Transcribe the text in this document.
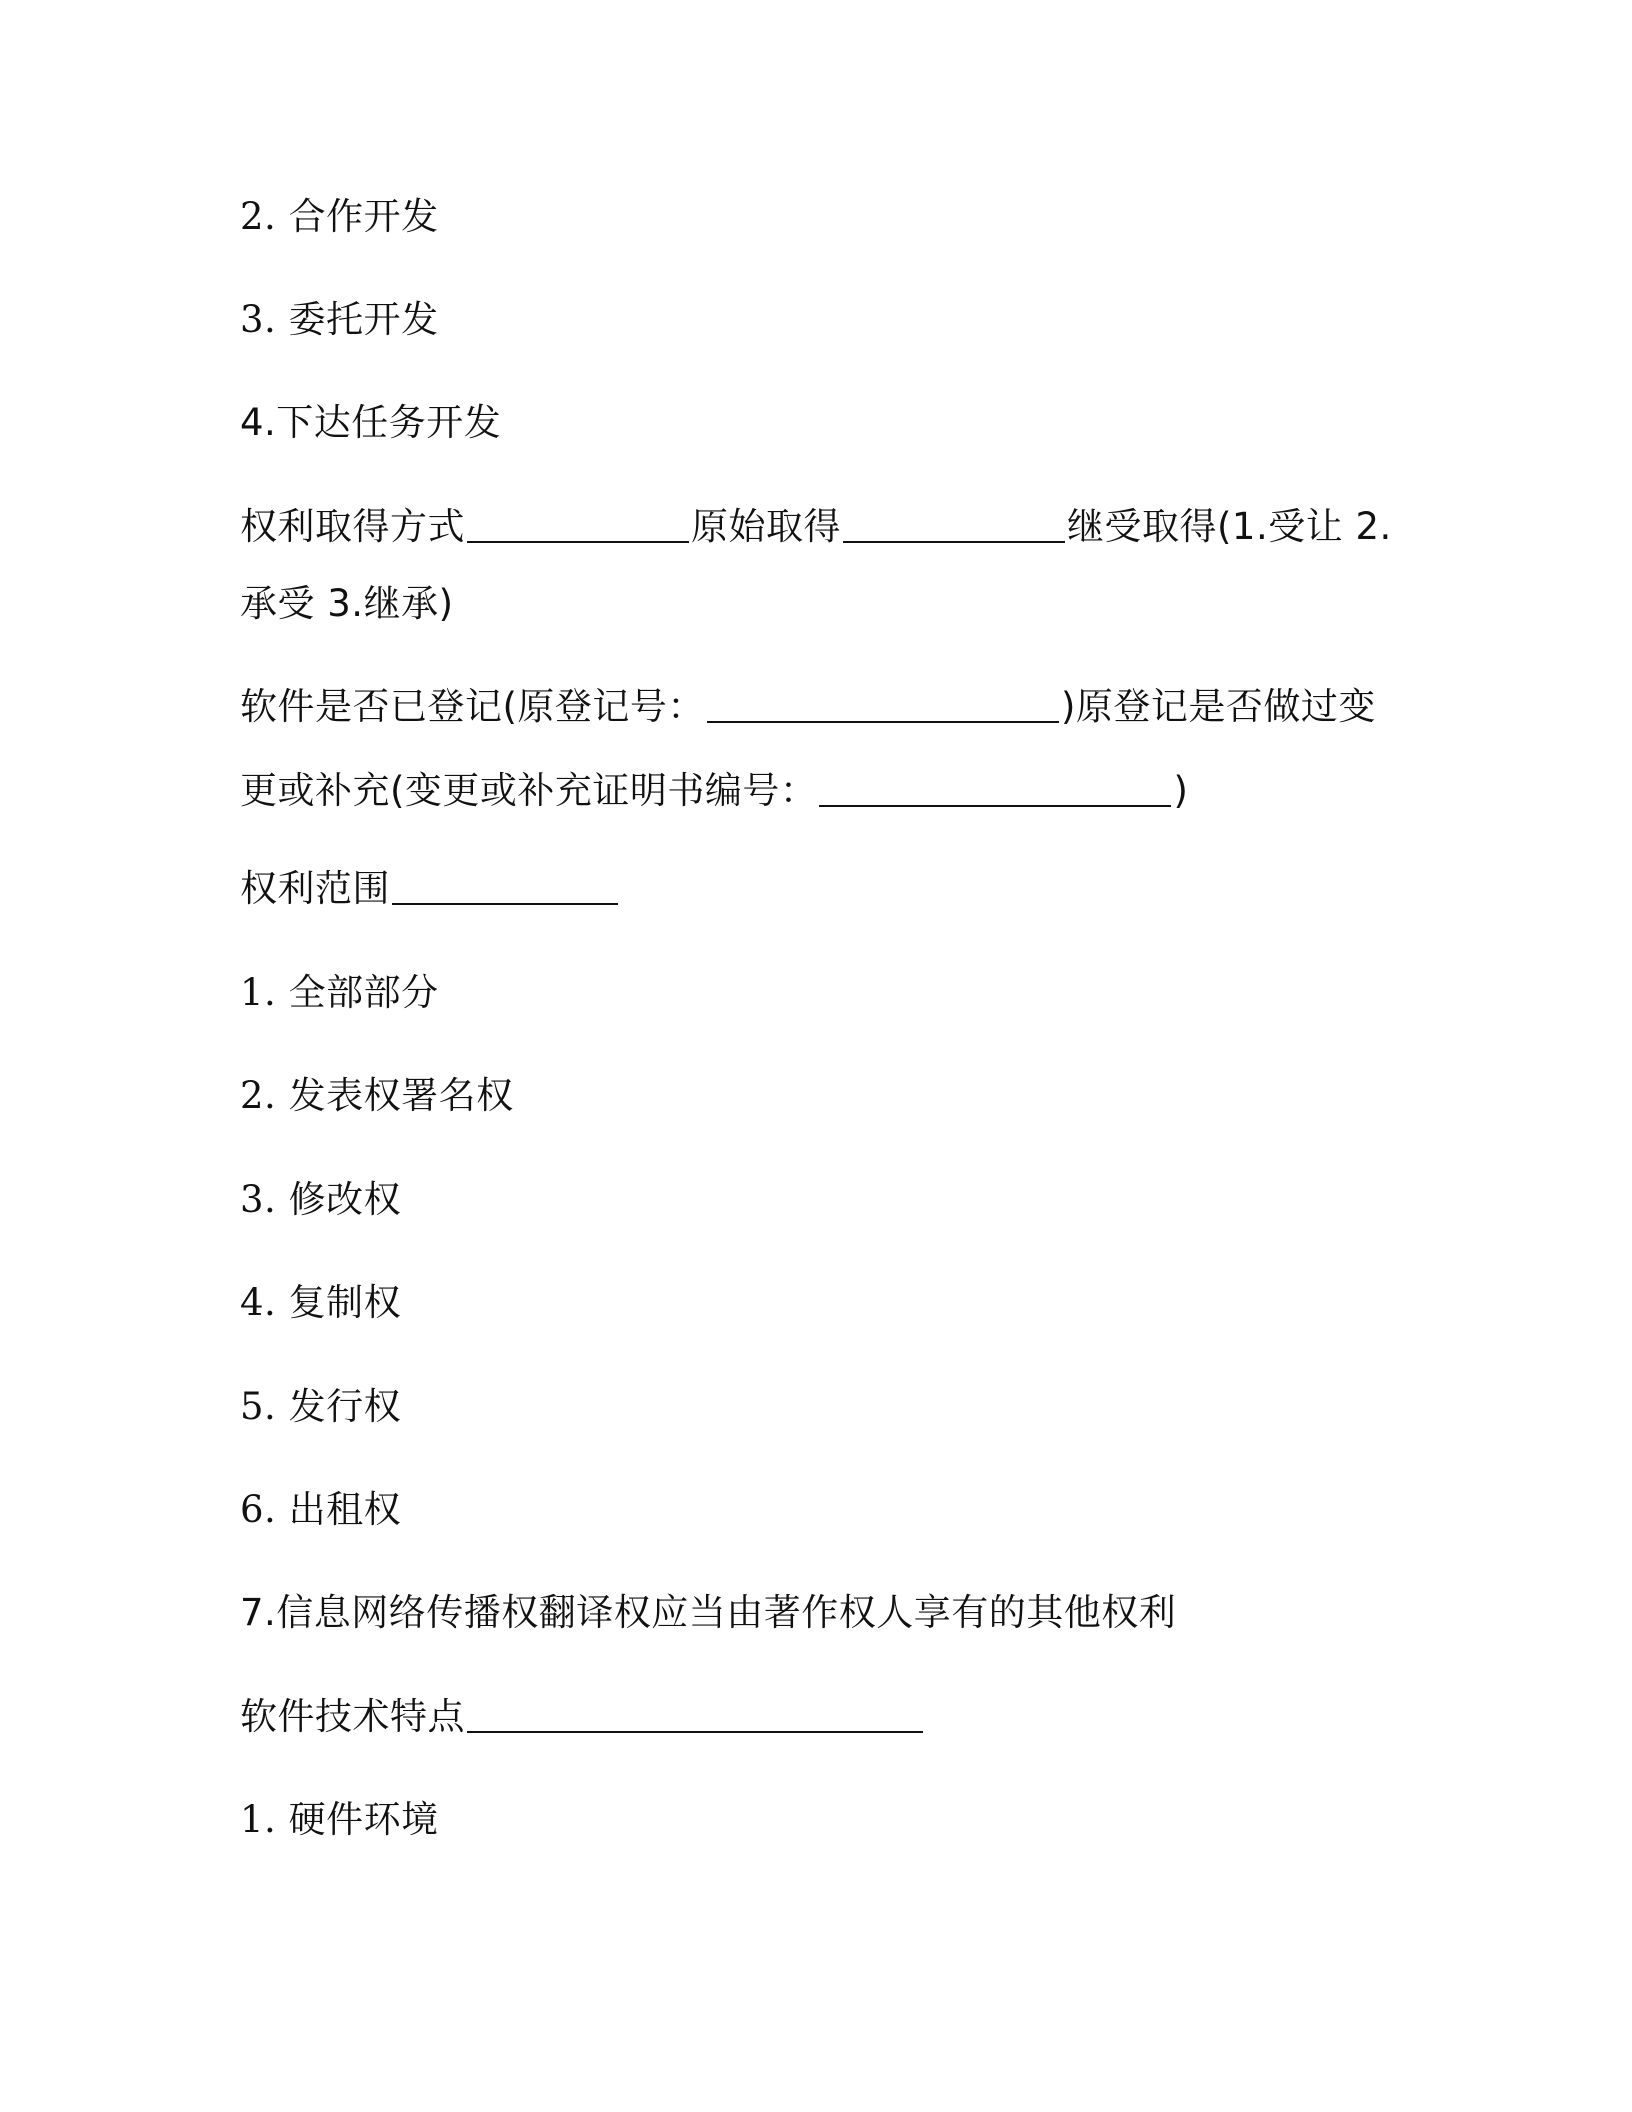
2. 合作开发
3. 委托开发
4.下达任务开发
权利取得方式	原始取得	继受取得(1.受让 2.
承受 3.继承)
软件是否已登记(原登记号：	)原登记是否做过变
更或补充(变更或补充证明书编号：	)
权利范围
1. 全部部分
2. 发表权署名权
3. 修改权
4. 复制权
5. 发行权
6. 出租权
7.信息网络传播权翻译权应当由著作权人享有的其他权利
软件技术特点
1. 硬件环境
